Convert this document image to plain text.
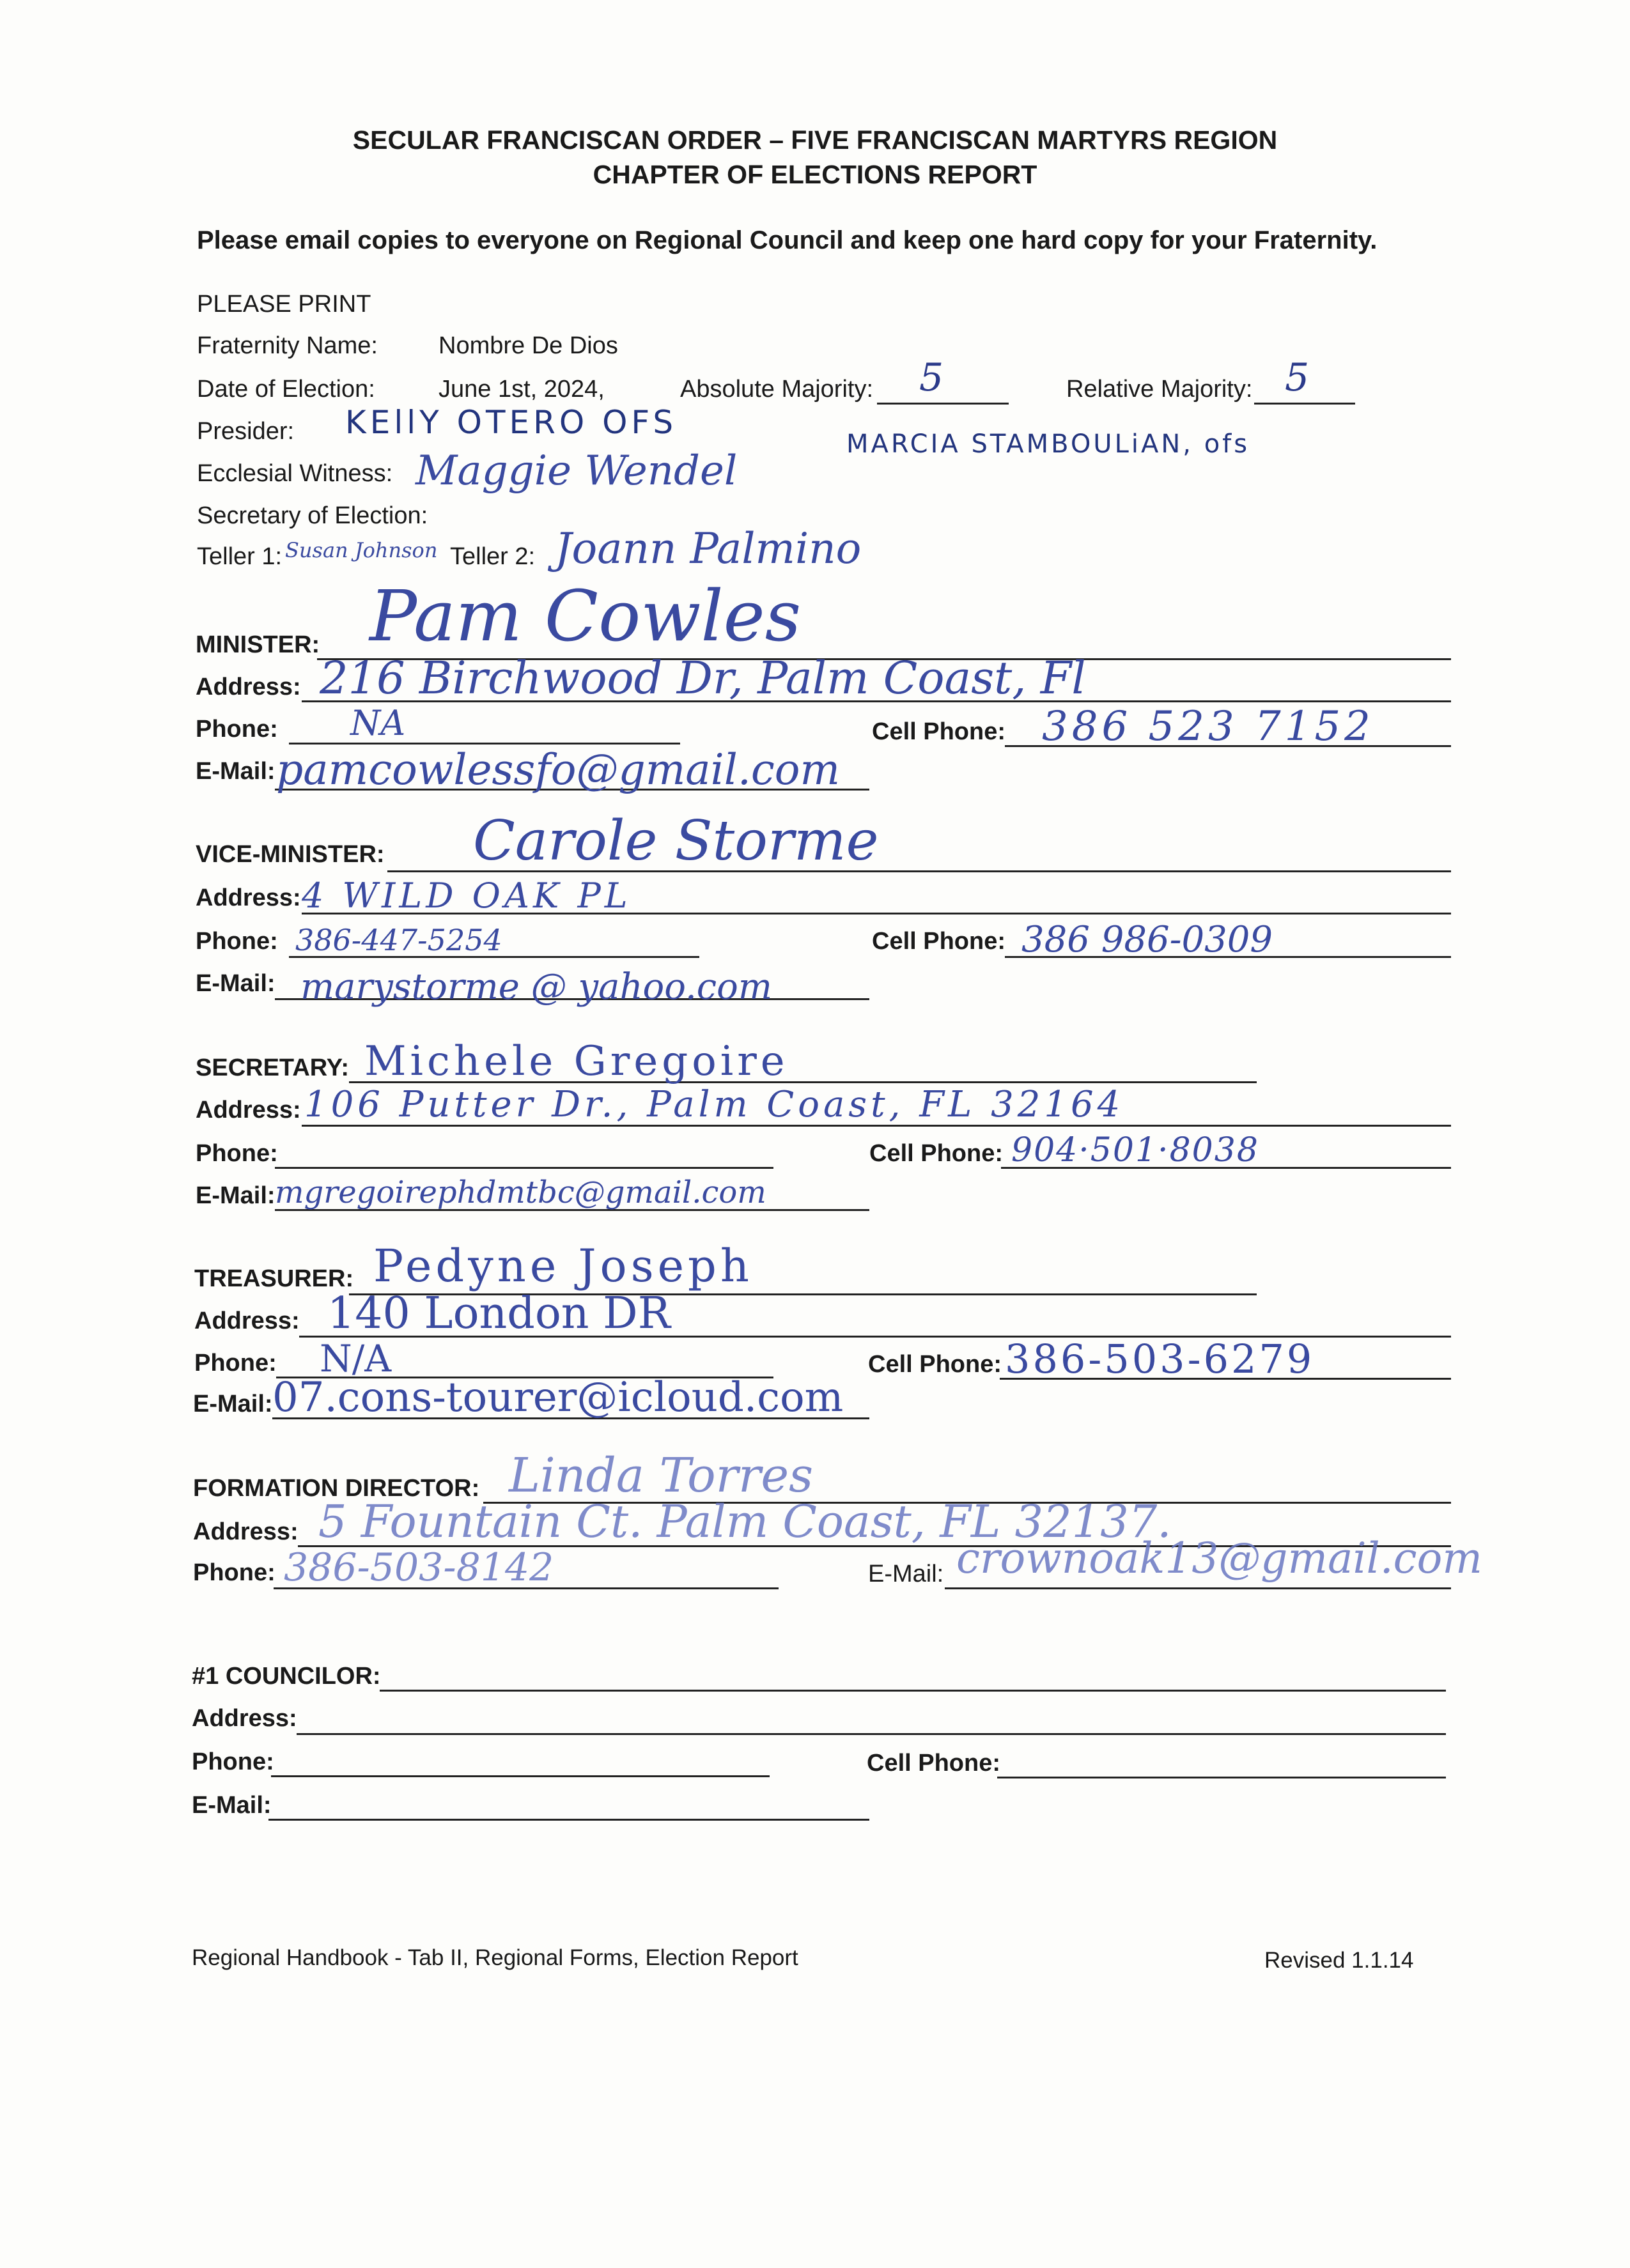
SECULAR FRANCISCAN ORDER – FIVE FRANCISCAN MARTYRS REGION
CHAPTER OF ELECTIONS REPORT
Please email copies to everyone on Regional Council and keep one hard copy for your Fraternity.
PLEASE PRINT
Fraternity Name:	Nombre De Dios
Date of Election:	June 1st, 2024,	Absolute Majority: 5	Relative Majority: 5
Presider: KEllY OTERO OFS
MARCIA STAMBOULiAN, ofs
Ecclesial Witness: Maggie Wendel
Secretary of Election:
Teller 1: Susan Johnson Teller 2: Joann Palmino
MINISTER: Pam Cowles
Address: 216 Birchwood Dr, Palm Coast, Fl
Phone: NA	Cell Phone: 386 523 7152
E-Mail: pamcowlessfo@gmail.com
VICE-MINISTER: Carole Storme
Address: 4 WILD OAK PL
Phone: 386-447-5254	Cell Phone: 386 986-0309
E-Mail: marystorme @ yahoo.com
SECRETARY: Michele Gregoire
Address: 106 Putter Dr., Palm Coast, FL 32164
Phone:	Cell Phone: 904·501·8038
E-Mail: mgregoirephdmtbc@gmail.com
TREASURER: Pedyne Joseph
Address: 140 London DR
Phone: N/A	Cell Phone: 386-503-6279
E-Mail: 07.cons-tourer@icloud.com
FORMATION DIRECTOR: Linda Torres
Address: 5 Fountain Ct. Palm Coast, FL 32137.
Phone: 386-503-8142	E-Mail: crownoak13@gmail.com
#1 COUNCILOR:
Address:
Phone:	Cell Phone:
E-Mail:
Regional Handbook - Tab II, Regional Forms, Election Report	Revised 1.1.14
